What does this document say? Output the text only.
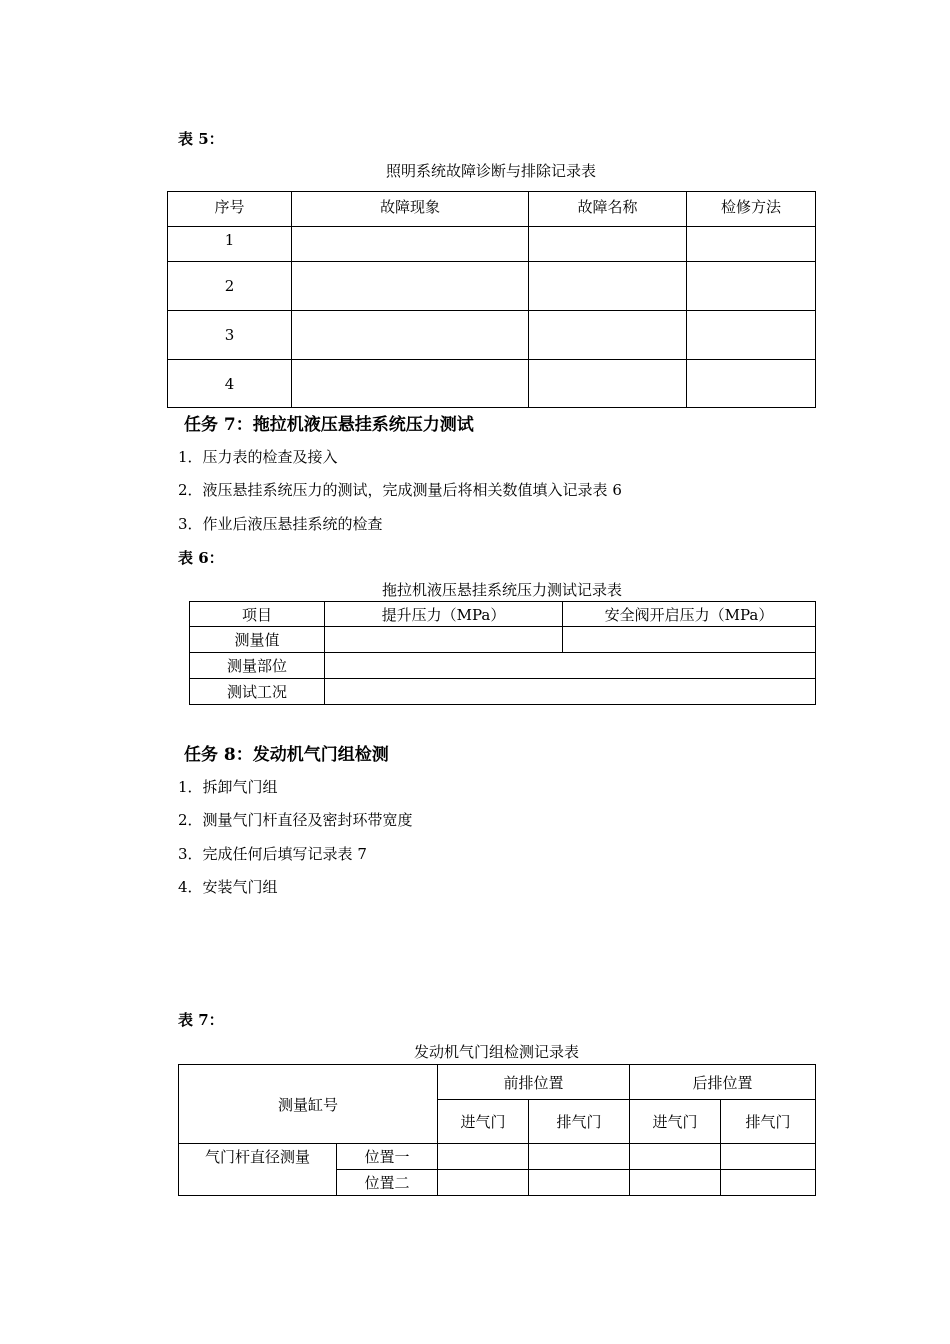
表 5：
照明系统故障诊断与排除记录表
序号	故障现象	故障名称	检修方法
1			
2			
3			
4			
任务 7：拖拉机液压悬挂系统压力测试
1．压力表的检查及接入
2．液压悬挂系统压力的测试，完成测量后将相关数值填入记录表 6
3．作业后液压悬挂系统的检查
表 6：
拖拉机液压悬挂系统压力测试记录表
项目	提升压力（MPa）	安全阀开启压力（MPa）
测量值		
测量部位		
测试工况		
任务 8：发动机气门组检测
1．拆卸气门组
2．测量气门杆直径及密封环带宽度
3．完成任何后填写记录表 7
4．安装气门组
表 7：
发动机气门组检测记录表
测量缸号		前排位置		后排位置	
		进气门	排气门	进气门	排气门
气门杆直径测量	位置一				
	位置二				
